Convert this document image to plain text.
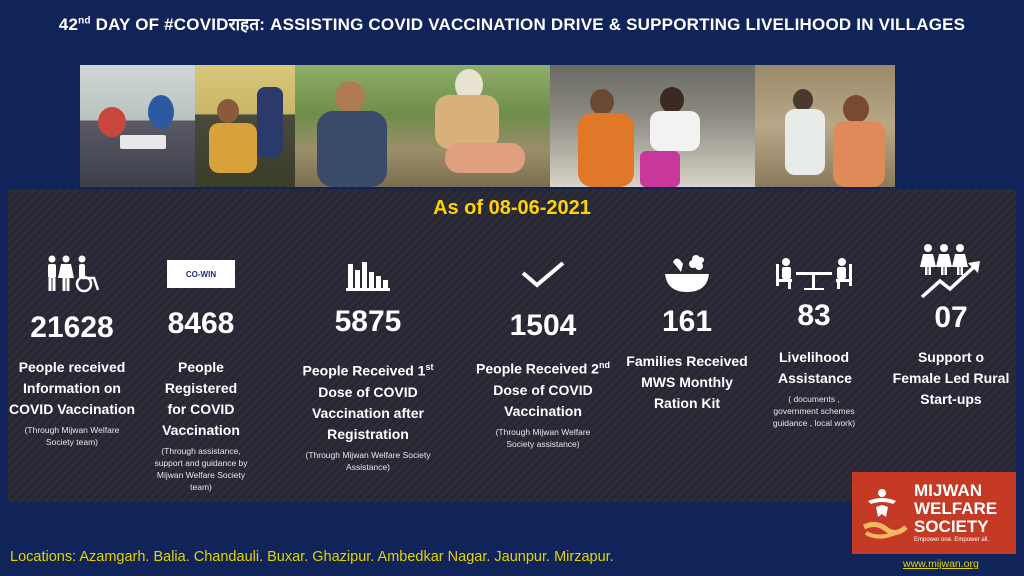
42nd DAY OF #COVIDराहत: ASSISTING COVID VACCINATION DRIVE & SUPPORTING LIVELIHOOD IN VILLAGES
As of 08-06-2021
21628
People received Information on COVID Vaccination
(Through Mijwan Welfare Society team)
CO-WIN
8468
People Registered for COVID Vaccination
(Through assistance, support and guidance by Mijwan Welfare Society team)
5875
People Received 1st Dose of COVID Vaccination after Registration
(Through Mijwan Welfare Society Assistance)
1504
People Received 2nd Dose of COVID Vaccination
(Through Mijwan Welfare Society assistance)
161
Families Received MWS Monthly Ration Kit
83
Livelihood Assistance
( documents , government schemes guidance , local work)
07
Support o Female Led Rural Start-ups
Locations: Azamgarh. Balia. Chandauli. Buxar. Ghazipur. Ambedkar Nagar. Jaunpur. Mirzapur.
MIJWAN
WELFARE
SOCIETY
Empower one. Empower all.
www.mijwan.org
